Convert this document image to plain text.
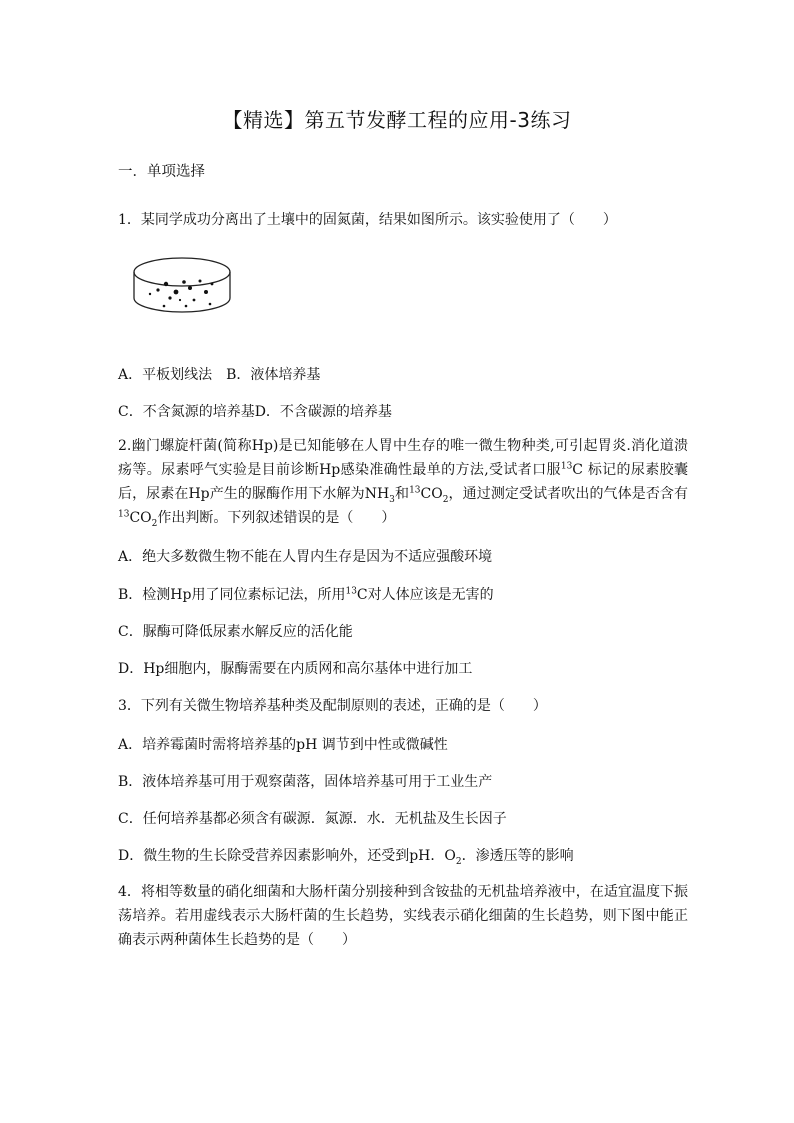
【精选】第五节发酵工程的应用-3练习
一．单项选择
1．某同学成功分离出了土壤中的固氮菌，结果如图所示。该实验使用了（　　）
A．平板划线法　B．液体培养基
C．不含氮源的培养基D．不含碳源的培养基
2.幽门螺旋杆菌(简称Hp)是已知能够在人胃中生存的唯一微生物种类,可引起胃炎.消化道溃疡等。尿素呼气实验是目前诊断Hp感染准确性最单的方法,受试者口服$^{13}$C 标记的尿素胶囊后，尿素在Hp产生的脲酶作用下水解为$NH_3$和$^{13}CO_2$，通过测定受试者吹出的气体是否含有$^{13}CO_2$作出判断。下列叙述错误的是（　　）
A．绝大多数微生物不能在人胃内生存是因为不适应强酸环境
B．检测Hp用了同位素标记法，所用$^{13}$C对人体应该是无害的
C．脲酶可降低尿素水解反应的活化能
D．Hp细胞内，脲酶需要在内质网和高尔基体中进行加工
3．下列有关微生物培养基种类及配制原则的表述，正确的是（　　）
A．培养霉菌时需将培养基的pH 调节到中性或微碱性
B．液体培养基可用于观察菌落，固体培养基可用于工业生产
C．任何培养基都必须含有碳源．氮源．水．无机盐及生长因子
D．微生物的生长除受营养因素影响外，还受到pH．$O_2$．渗透压等的影响
4．将相等数量的硝化细菌和大肠杆菌分别接种到含铵盐的无机盐培养液中，在适宜温度下振荡培养。若用虚线表示大肠杆菌的生长趋势，实线表示硝化细菌的生长趋势，则下图中能正确表示两种菌体生长趋势的是（　　）
